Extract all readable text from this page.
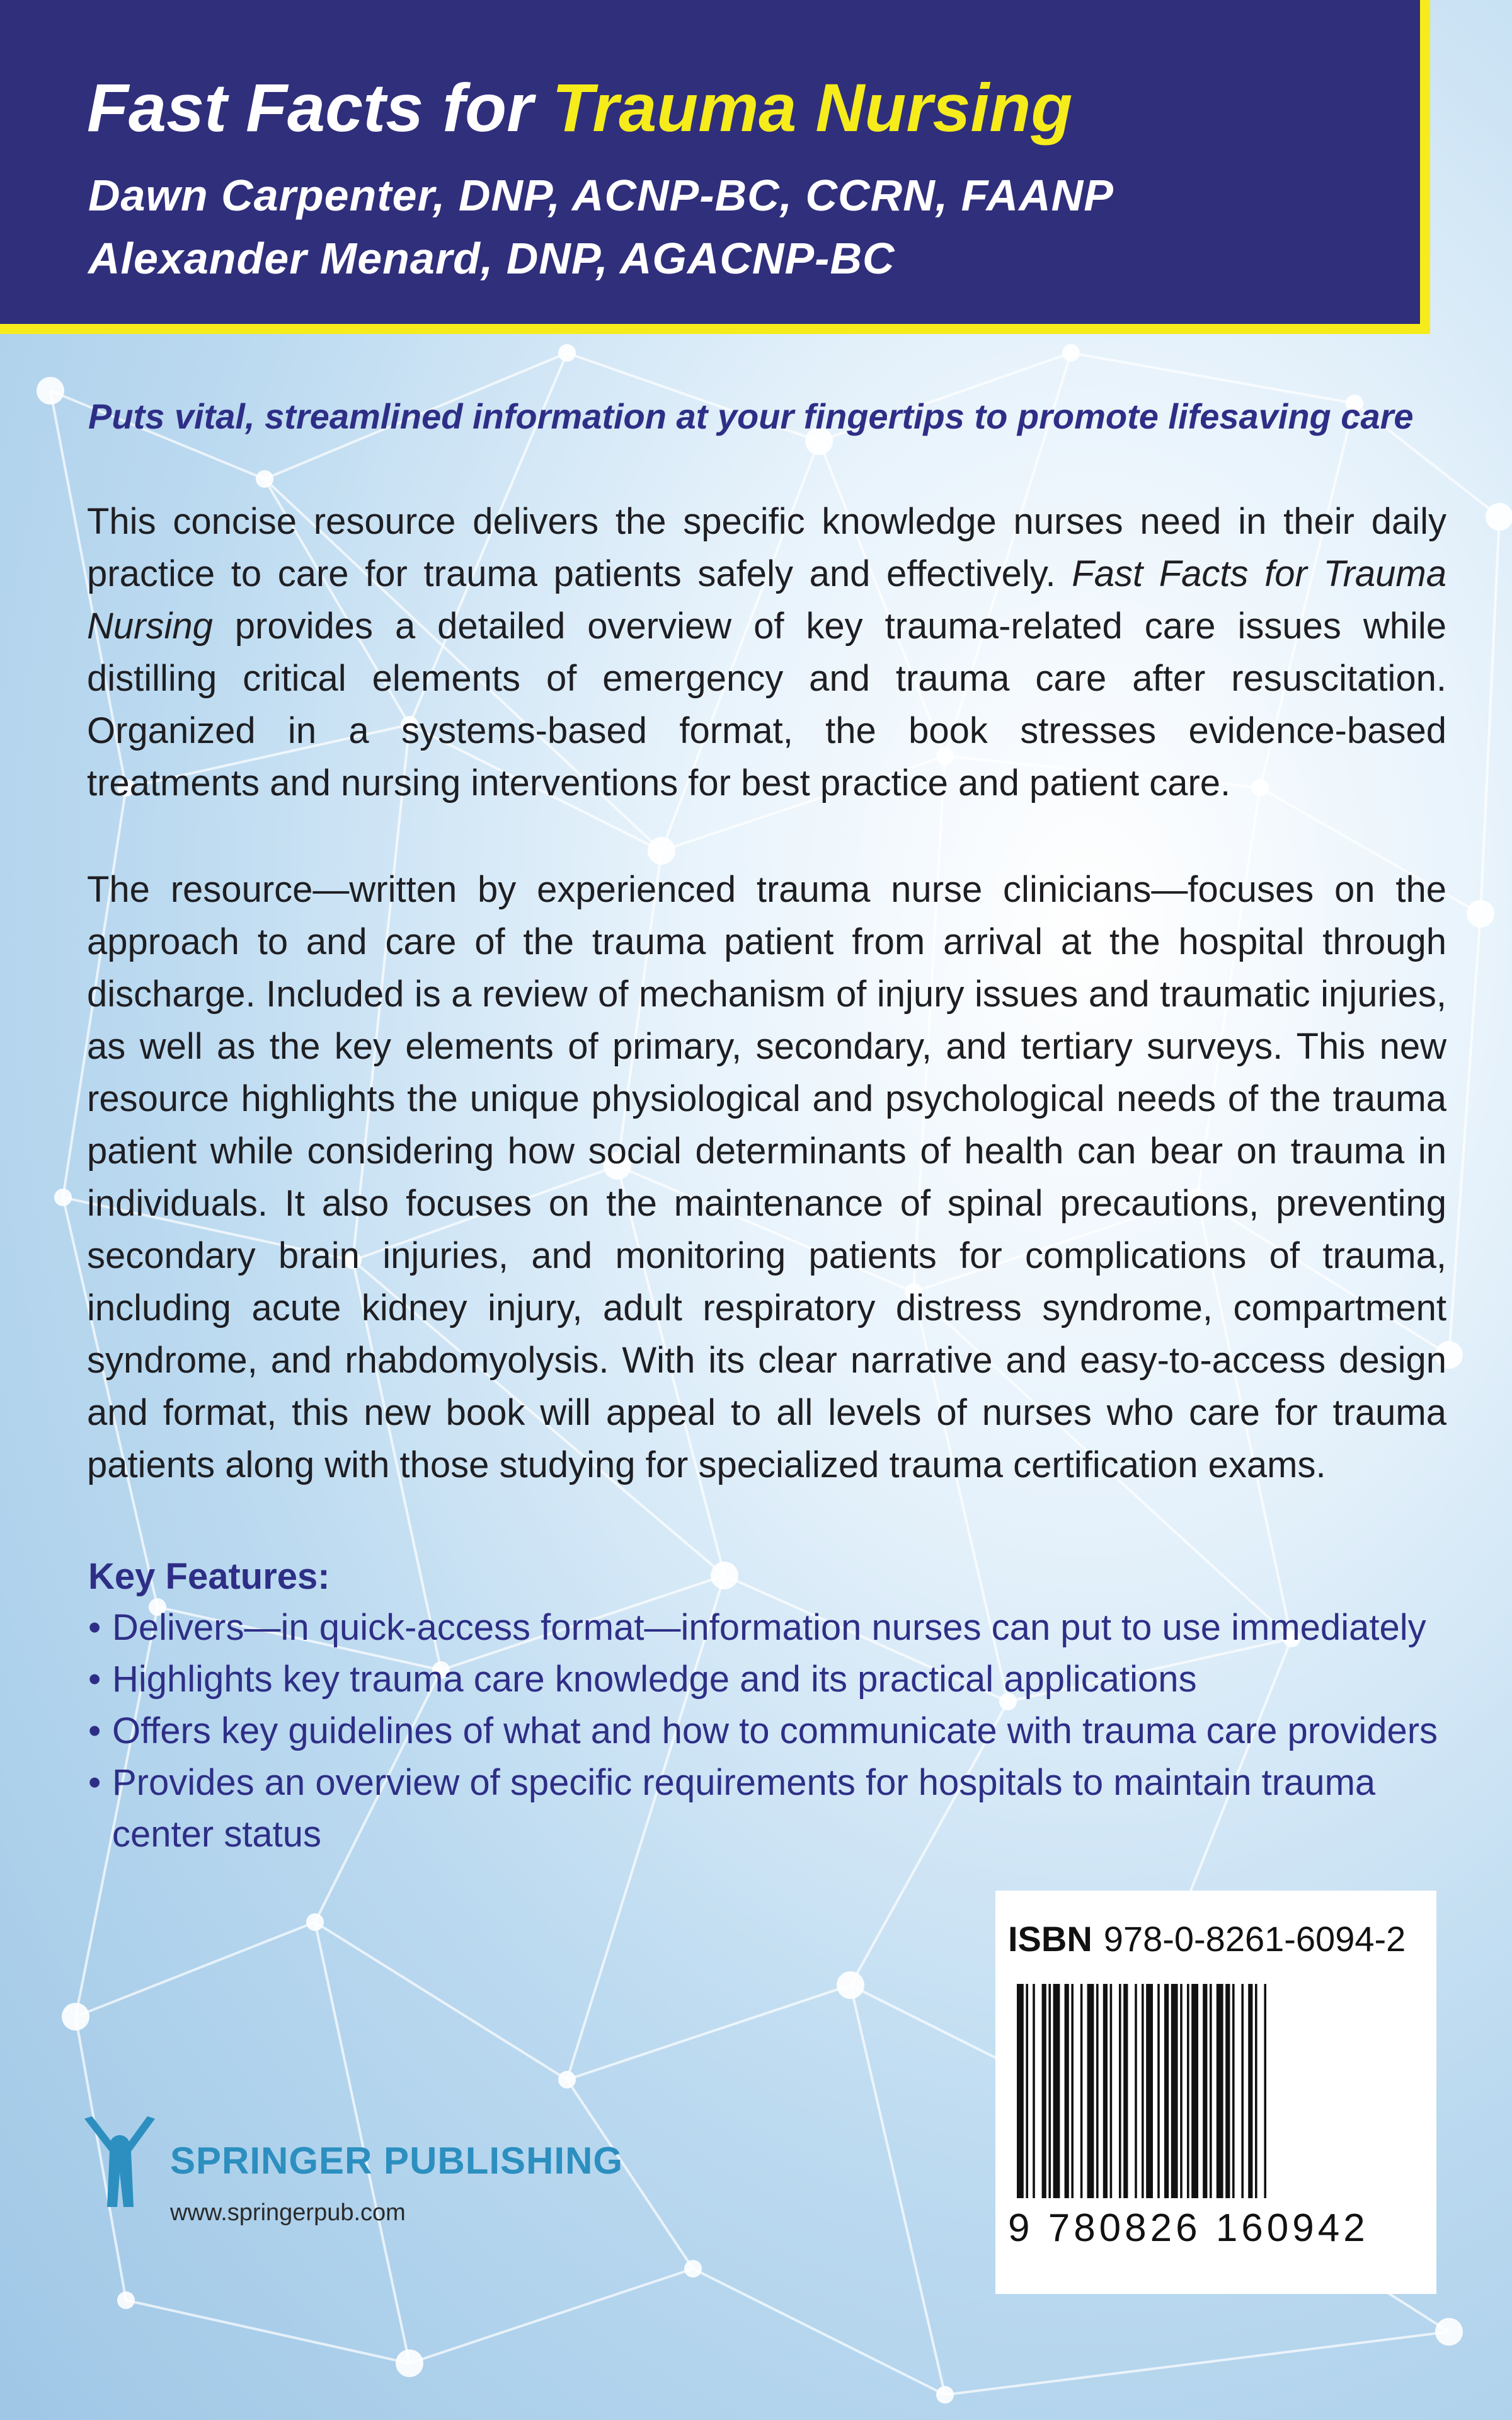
Fast Facts for Trauma Nursing

Dawn Carpenter, DNP, ACNP-BC, CCRN, FAANP

Alexander Menard, DNP, AGACNP-BC

Puts vital, streamlined information at your fingertips to promote lifesaving care

This concise resource delivers the specific knowledge nurses need in their daily practice to care for trauma patients safely and effectively. Fast Facts for Trauma Nursing provides a detailed overview of key trauma-related care issues while distilling critical elements of emergency and trauma care after resuscitation. Organized in a systems-based format, the book stresses evidence-based treatments and nursing interventions for best practice and patient care.

The resource—written by experienced trauma nurse clinicians—focuses on the approach to and care of the trauma patient from arrival at the hospital through discharge. Included is a review of mechanism of injury issues and traumatic injuries, as well as the key elements of primary, secondary, and tertiary surveys. This new resource highlights the unique physiological and psychological needs of the trauma patient while considering how social determinants of health can bear on trauma in individuals. It also focuses on the maintenance of spinal precautions, preventing secondary brain injuries, and monitoring patients for complications of trauma, including acute kidney injury, adult respiratory distress syndrome, compartment syndrome, and rhabdomyolysis. With its clear narrative and easy-to-access design and format, this new book will appeal to all levels of nurses who care for trauma patients along with those studying for specialized trauma certification exams.

Key Features:
• Delivers—in quick-access format—information nurses can put to use immediately
• Highlights key trauma care knowledge and its practical applications
• Offers key guidelines of what and how to communicate with trauma care providers
• Provides an overview of specific requirements for hospitals to maintain trauma center status
SPRINGER PUBLISHING
www.springerpub.com
ISBN 978-0-8261-6094-2
9 780826 160942
